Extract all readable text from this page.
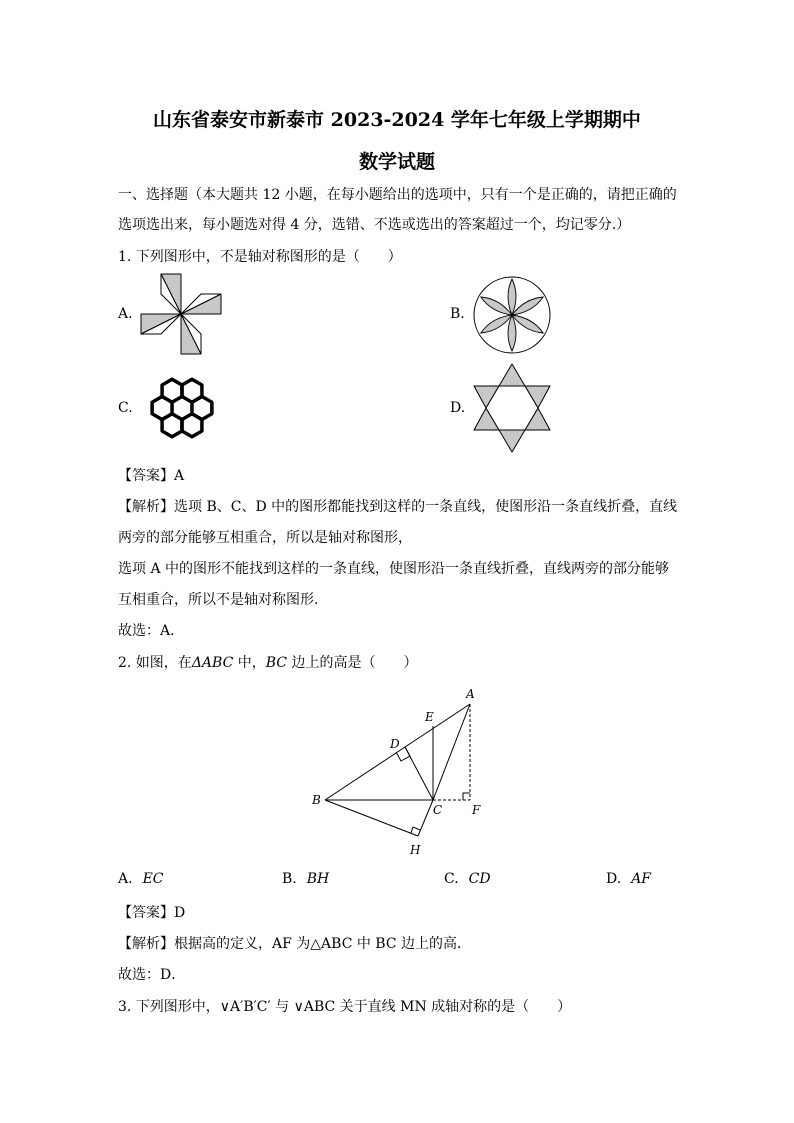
山东省泰安市新泰市 2023-2024 学年七年级上学期期中
数学试题
一、选择题（本大题共 12 小题，在每小题给出的选项中，只有一个是正确的，请把正确的
选项选出来，每小题选对得 4 分，选错、不选或选出的答案超过一个，均记零分.）
1. 下列图形中，不是轴对称图形的是（　　）
A.	B.
C.	D.
【答案】A
【解析】选项 B、C、D 中的图形都能找到这样的一条直线，使图形沿一条直线折叠，直线
两旁的部分能够互相重合，所以是轴对称图形，
选项 A 中的图形不能找到这样的一条直线，使图形沿一条直线折叠，直线两旁的部分能够
互相重合，所以不是轴对称图形.
故选：A．
2. 如图，在ΔABC 中，BC 边上的高是（　　）
A
E
D
B
C F
H
A. EC	B. BH	C. CD	D. AF
【答案】D
【解析】根据高的定义，AF 为△ABC 中 BC 边上的高．
故选：D．
3. 下列图形中，∨A′B′C′ 与 ∨ABC 关于直线 MN 成轴对称的是（　　）
